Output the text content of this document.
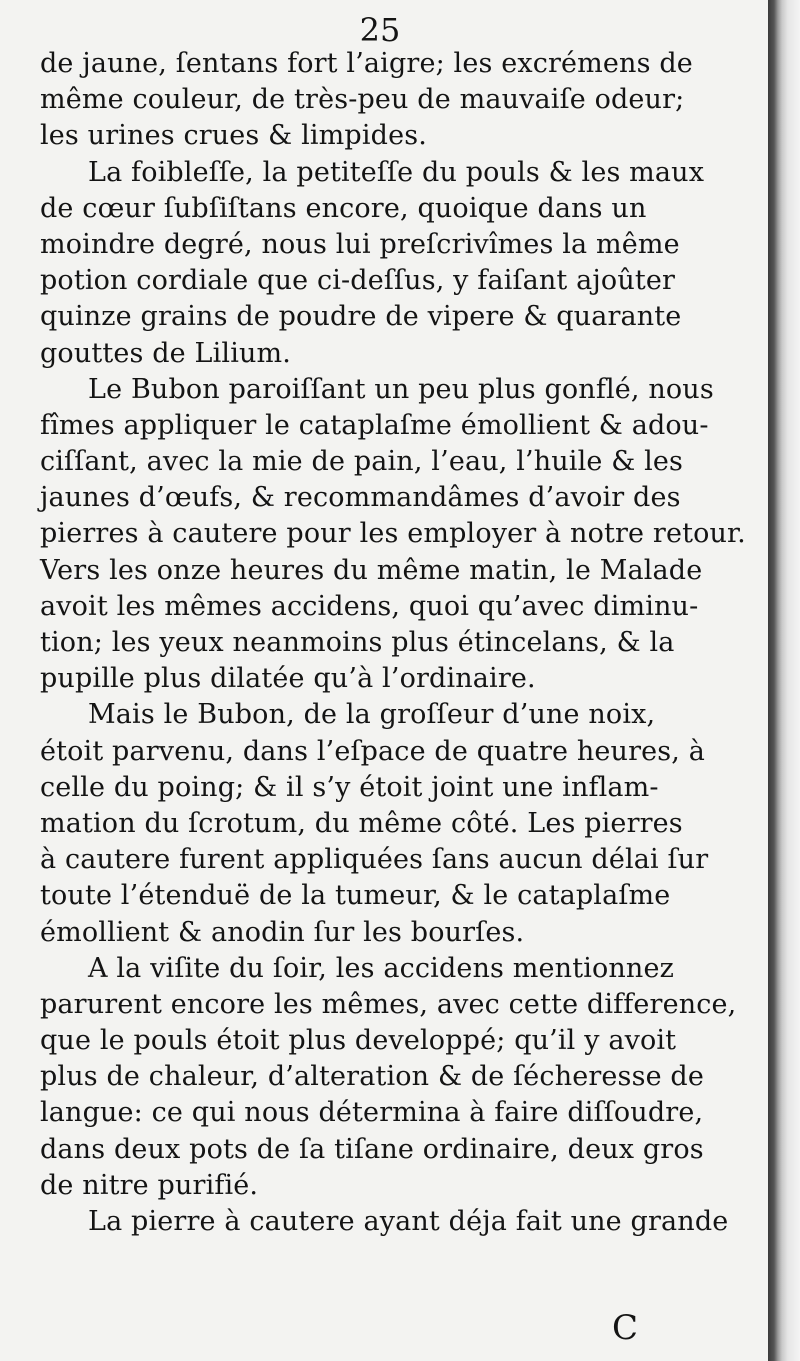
25
de jaune, ſentans fort l’aigre; les excrémens de
même couleur, de très-peu de mauvaiſe odeur;
les urines crues & limpides.
La foibleſſe, la petiteſſe du pouls & les maux
de cœur ſubſiſtans encore, quoique dans un
moindre degré, nous lui preſcrivîmes la même
potion cordiale que ci-deſſus, y faiſant ajoûter
quinze grains de poudre de vipere & quarante
gouttes de Lilium.
Le Bubon paroiſſant un peu plus gonflé, nous
fîmes appliquer le cataplaſme émollient & adou-
ciſſant, avec la mie de pain, l’eau, l’huile & les
jaunes d’œufs, & recommandâmes d’avoir des
pierres à cautere pour les employer à notre retour.
Vers les onze heures du même matin, le Malade
avoit les mêmes accidens, quoi qu’avec diminu-
tion; les yeux neanmoins plus étincelans, & la
pupille plus dilatée qu’à l’ordinaire.
Mais le Bubon, de la groſſeur d’une noix,
étoit parvenu, dans l’eſpace de quatre heures, à
celle du poing; & il s’y étoit joint une inflam-
mation du ſcrotum, du même côté. Les pierres
à cautere furent appliquées ſans aucun délai ſur
toute l’étenduë de la tumeur, & le cataplaſme
émollient & anodin ſur les bourſes.
A la viſite du ſoir, les accidens mentionnez
parurent encore les mêmes, avec cette difference,
que le pouls étoit plus developpé; qu’il y avoit
plus de chaleur, d’alteration & de ſécheresse de
langue: ce qui nous détermina à faire diſſoudre,
dans deux pots de ſa tiſane ordinaire, deux gros
de nitre purifié.
La pierre à cautere ayant déja fait une grande
C
